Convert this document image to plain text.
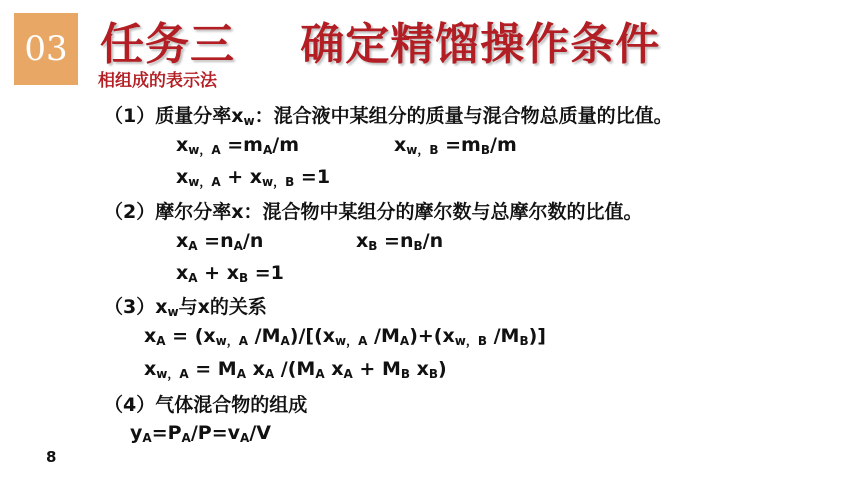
03 任务三    确定精馏操作条件
相组成的表示法
（1）质量分率$x_w$：混合液中某组分的质量与混合物总质量的比值。
$x_{w,A} =m_A/m$	$x_{w,B} =m_B/m$
$x_{w,A} + x_{w,B} =1$
（2）摩尔分率x：混合物中某组分的摩尔数与总摩尔数的比值。
$x_A =n_A/n$	$x_B =n_B/n$
$x_A + x_B =1$
$(3)x_w$与x的关系
$x_A = (x_{w,A}$ $/M_A)/[(x_{w,A}$ $/M_A)+(x_{w,B}$ $/M_B$)]
$x_{w,A} = M_A$ $x_A$ $/(M_A$ $x_A + M_B$ $x_B$)
（4）气体混合物的组成
$y_A=P_A/P=v_A/V$
8
